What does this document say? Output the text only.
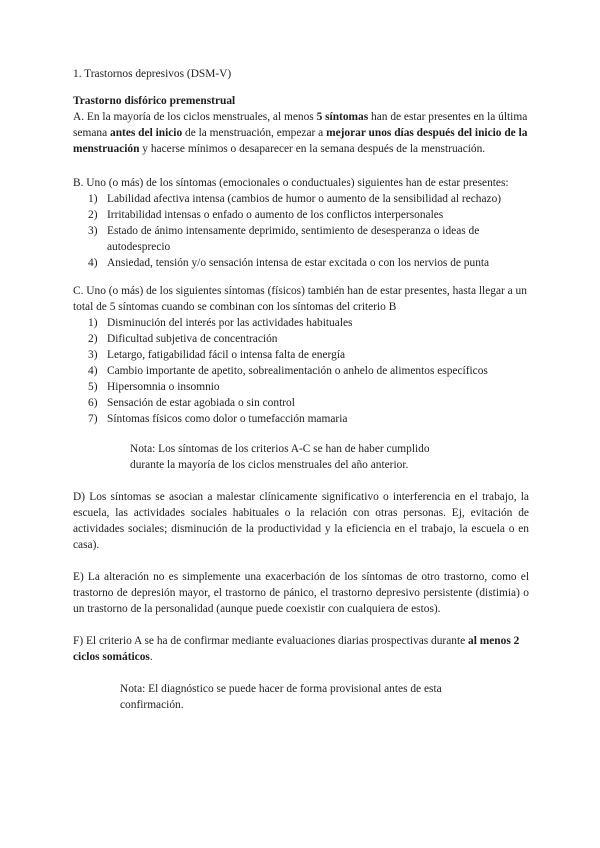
1. Trastornos depresivos (DSM-V)

Trastorno disfórico premenstrual

A. En la mayoría de los ciclos menstruales, al menos 5 síntomas han de estar presentes en la última semana antes del inicio de la menstruación, empezar a mejorar unos días después del inicio de la menstruación y hacerse mínimos o desaparecer en la semana después de la menstruación.

B. Uno (o más) de los síntomas (emocionales o conductuales) siguientes han de estar presentes:

1) Labilidad afectiva intensa (cambios de humor o aumento de la sensibilidad al rechazo)
2) Irritabilidad intensas o enfado o aumento de los conflictos interpersonales
3) Estado de ánimo intensamente deprimido, sentimiento de desesperanza o ideas de autodesprecio
4) Ansiedad, tensión y/o sensación intensa de estar excitada o con los nervios de punta

C. Uno (o más) de los siguientes síntomas (físicos) también han de estar presentes, hasta llegar a un total de 5 síntomas cuando se combinan con los síntomas del criterio B

1) Disminución del interés por las actividades habituales
2) Dificultad subjetiva de concentración
3) Letargo, fatigabilidad fácil o intensa falta de energía
4) Cambio importante de apetito, sobrealimentación o anhelo de alimentos específicos
5) Hipersomnia o insomnio
6) Sensación de estar agobiada o sin control
7) Síntomas físicos como dolor o tumefacción mamaria

Nota: Los síntomas de los criterios A-C se han de haber cumplido durante la mayoría de los ciclos menstruales del año anterior.

D) Los síntomas se asocian a malestar clínicamente significativo o interferencia en el trabajo, la escuela, las actividades sociales habituales o la relación con otras personas. Ej, evitación de actividades sociales; disminución de la productividad y la eficiencia en el trabajo, la escuela o en casa).

E) La alteración no es simplemente una exacerbación de los síntomas de otro trastorno, como el trastorno de depresión mayor, el trastorno de pánico, el trastorno depresivo persistente (distimia) o un trastorno de la personalidad (aunque puede coexistir con cualquiera de estos).

F) El criterio A se ha de confirmar mediante evaluaciones diarias prospectivas durante al menos 2 ciclos somáticos.

Nota: El diagnóstico se puede hacer de forma provisional antes de esta confirmación.
